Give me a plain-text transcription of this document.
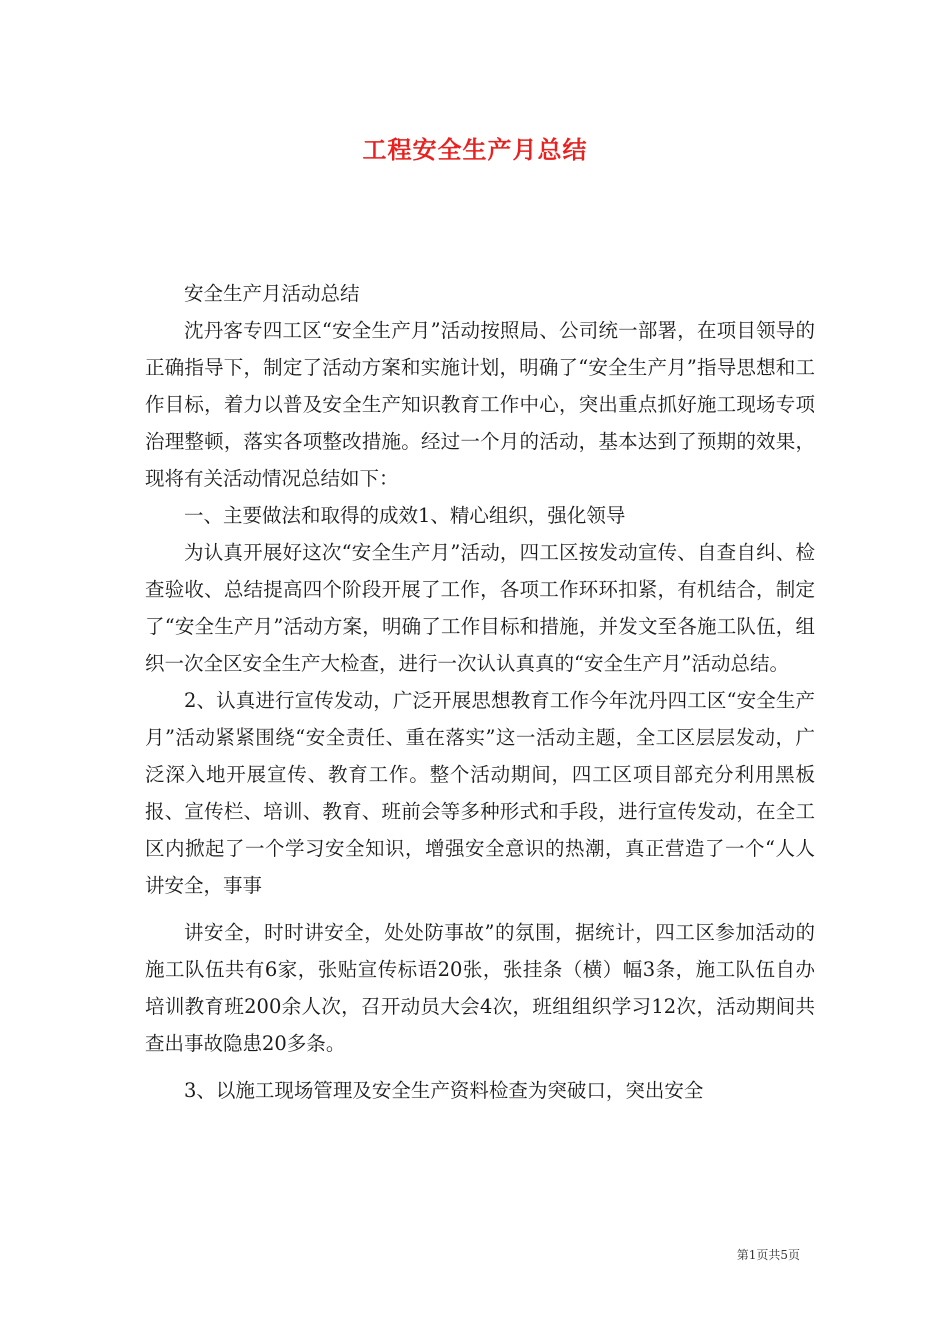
工程安全生产月总结

安全生产月活动总结

沈丹客专四工区“安全生产月”活动按照局、公司统一部署，在项目领导的正确指导下，制定了活动方案和实施计划，明确了“安全生产月”指导思想和工作目标，着力以普及安全生产知识教育工作中心，突出重点抓好施工现场专项治理整顿，落实各项整改措施。经过一个月的活动，基本达到了预期的效果，现将有关活动情况总结如下：

一、主要做法和取得的成效1、精心组织，强化领导

为认真开展好这次“安全生产月”活动，四工区按发动宣传、自查自纠、检查验收、总结提高四个阶段开展了工作，各项工作环环扣紧，有机结合，制定了“安全生产月”活动方案，明确了工作目标和措施，并发文至各施工队伍，组织一次全区安全生产大检查，进行一次认认真真的“安全生产月”活动总结。

2、认真进行宣传发动，广泛开展思想教育工作今年沈丹四工区“安全生产月”活动紧紧围绕“安全责任、重在落实”这一活动主题，全工区层层发动，广泛深入地开展宣传、教育工作。整个活动期间，四工区项目部充分利用黑板报、宣传栏、培训、教育、班前会等多种形式和手段，进行宣传发动，在全工区内掀起了一个学习安全知识，增强安全意识的热潮，真正营造了一个“人人讲安全，事事

讲安全，时时讲安全，处处防事故”的氛围，据统计，四工区参加活动的施工队伍共有6家，张贴宣传标语20张，张挂条（横）幅3条，施工队伍自办培训教育班200余人次，召开动员大会4次，班组组织学习12次，活动期间共查出事故隐患20多条。

3、以施工现场管理及安全生产资料检查为突破口，突出安全

第1页共5页
